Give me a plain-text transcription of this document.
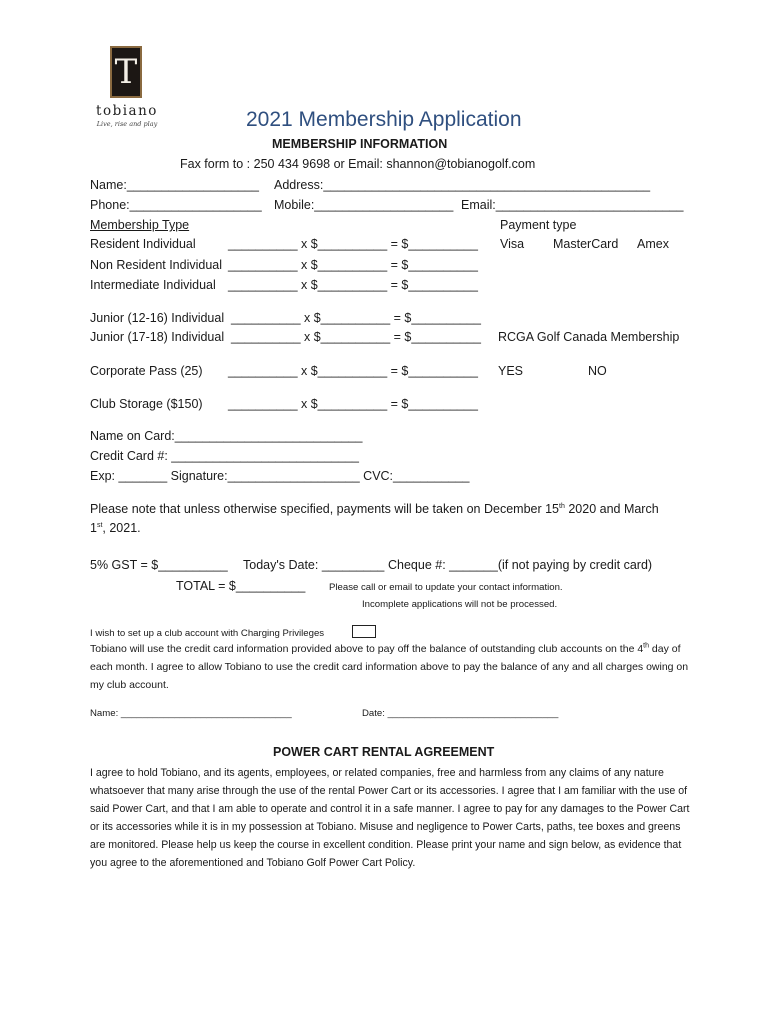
T
tobiano
Live, rise and play	2021 Membership Application
MEMBERSHIP INFORMATION
Fax form to : 250 434 9698 or Email: shannon@tobianogolf.com
Name:___________________ Address:_______________________________________________
Phone:___________________ Mobile:____________________ Email:___________________________
Membership Type	Payment type
Resident Individual	__________ x $__________ = $__________ Visa MasterCard Amex
Non Resident Individual __________ x $__________ = $__________
Intermediate Individual __________ x $__________ = $__________
Junior (12-16) Individual __________ x $__________ = $__________
Junior (17-18) Individual __________ x $__________ = $__________ RCGA Golf Canada Membership
Corporate Pass (25) __________ x $__________ = $__________ YES	NO
Club Storage ($150) __________ x $__________ = $__________
Name on Card:___________________________
Credit Card #: ___________________________
Exp: _______ Signature:___________________ CVC:___________
Please note that unless otherwise specified, payments will be taken on December 15th 2020 and March
1st, 2021.
5% GST = $__________ Today's Date: _________ Cheque #: _______(if not paying by credit card)
TOTAL = $__________ Please call or email to update your contact information.
Incomplete applications will not be processed.
I wish to set up a club account with Charging Privileges
Tobiano will use the credit card information provided above to pay off the balance of outstanding club accounts on the 4th day of each month. I agree to allow Tobiano to use the credit card information above to pay the balance of any and all charges owing on my club account.
Name: ________________________________	Date: ________________________________
POWER CART RENTAL AGREEMENT
I agree to hold Tobiano, and its agents, employees, or related companies, free and harmless from any claims of any nature whatsoever that many arise through the use of the rental Power Cart or its accessories. I agree that I am familiar with the use of said Power Cart, and that I am able to operate and control it in a safe manner. I agree to pay for any damages to the Power Cart or its accessories while it is in my possession at Tobiano. Misuse and negligence to Power Carts, paths, tee boxes and greens are monitored. Please help us keep the course in excellent condition. Please print your name and sign below, as evidence that you agree to the aforementioned and Tobiano Golf Power Cart Policy.
